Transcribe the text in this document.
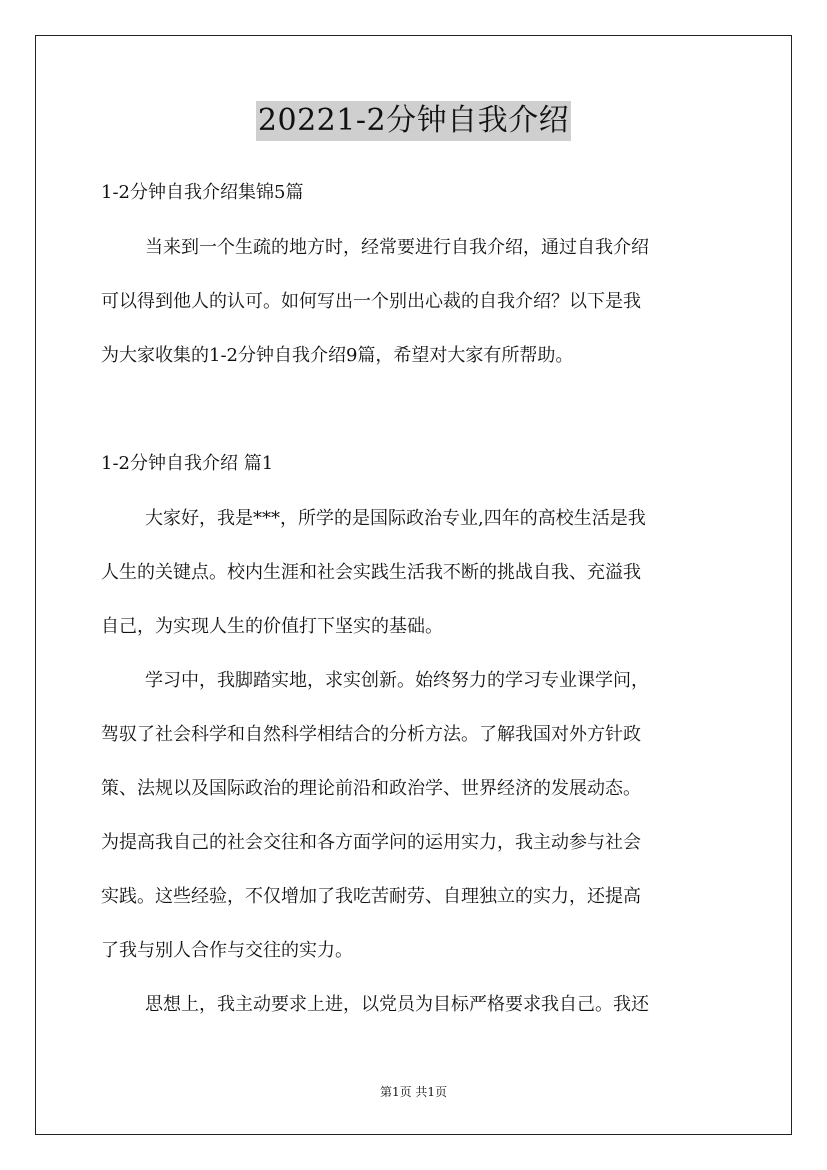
20221-2分钟自我介绍
1-2分钟自我介绍集锦5篇
当来到一个生疏的地方时，经常要进行自我介绍，通过自我介绍
可以得到他人的认可。如何写出一个别出心裁的自我介绍？以下是我
为大家收集的1-2分钟自我介绍9篇，希望对大家有所帮助。
1-2分钟自我介绍 篇1
大家好，我是***，所学的是国际政治专业,四年的高校生活是我
人生的关键点。校内生涯和社会实践生活我不断的挑战自我、充溢我
自己，为实现人生的价值打下坚实的基础。
学习中，我脚踏实地，求实创新。始终努力的学习专业课学问，
驾驭了社会科学和自然科学相结合的分析方法。了解我国对外方针政
策、法规以及国际政治的理论前沿和政治学、世界经济的发展动态。
为提高我自己的社会交往和各方面学问的运用实力，我主动参与社会
实践。这些经验，不仅增加了我吃苦耐劳、自理独立的实力，还提高
了我与别人合作与交往的实力。
思想上，我主动要求上进，以党员为目标严格要求我自己。我还
第1页 共1页
